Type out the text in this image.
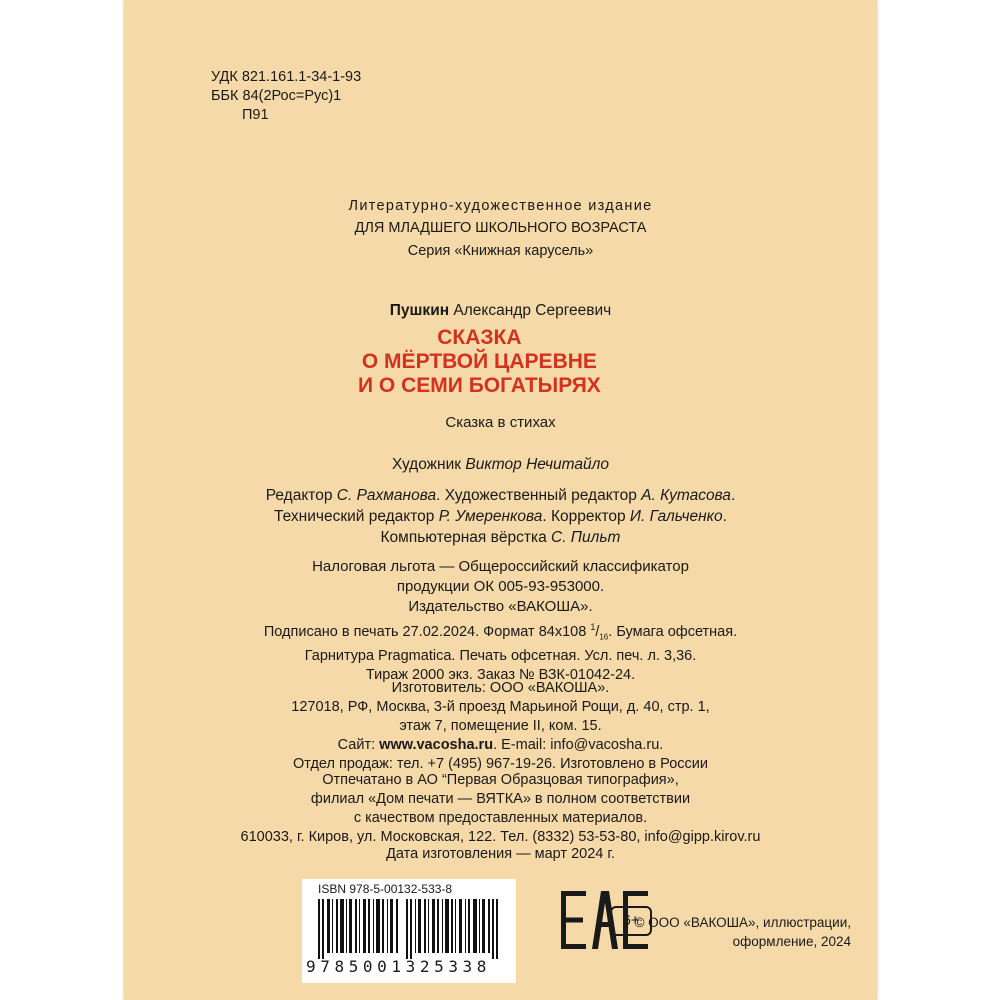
УДК 821.161.1-34-1-93
ББК 84(2Рос=Рус)1
П91
Литературно-художественное издание
ДЛЯ МЛАДШЕГО ШКОЛЬНОГО ВОЗРАСТА
Серия «Книжная карусель»
Пушкин Александр Сергеевич
СКАЗКА
О МЁРТВОЙ ЦАРЕВНЕ
И О СЕМИ БОГАТЫРЯХ
Сказка в стихах
Художник Виктор Нечитайло
Редактор С. Рахманова. Художественный редактор А. Кутасова.
Технический редактор Р. Умеренкова. Корректор И. Гальченко.
Компьютерная вёрстка С. Пильт
Налоговая льгота — Общероссийский классификатор
продукции ОК 005-93-953000.
Издательство «ВАКОША».
Подписано в печать 27.02.2024. Формат 84x108 $^1/_{16}$. Бумага офсетная.
Гарнитура Pragmatica. Печать офсетная. Усл. печ. л. 3,36.
Тираж 2000 экз. Заказ № ВЗК-01042-24.
Изготовитель: ООО «ВАКОША».
127018, РФ, Москва, 3-й проезд Марьиной Рощи, д. 40, стр. 1,
этаж 7, помещение II, ком. 15.
Сайт: www.vacosha.ru. E-mail: info@vacosha.ru.
Отдел продаж: тел. +7 (495) 967-19-26. Изготовлено в России
Отпечатано в АО “Первая Образцовая типография»,
филиал «Дом печати — ВЯТКА» в полном соответствии
с качеством предоставленных материалов.
610033, г. Киров, ул. Московская, 122. Тел. (8332) 53-53-80, info@gipp.kirov.ru
Дата изготовления — март 2024 г.
ISBN 978-5-00132-533-8
9785001325338
6+
© ООО «ВАКОША», иллюстрации,
оформление, 2024
